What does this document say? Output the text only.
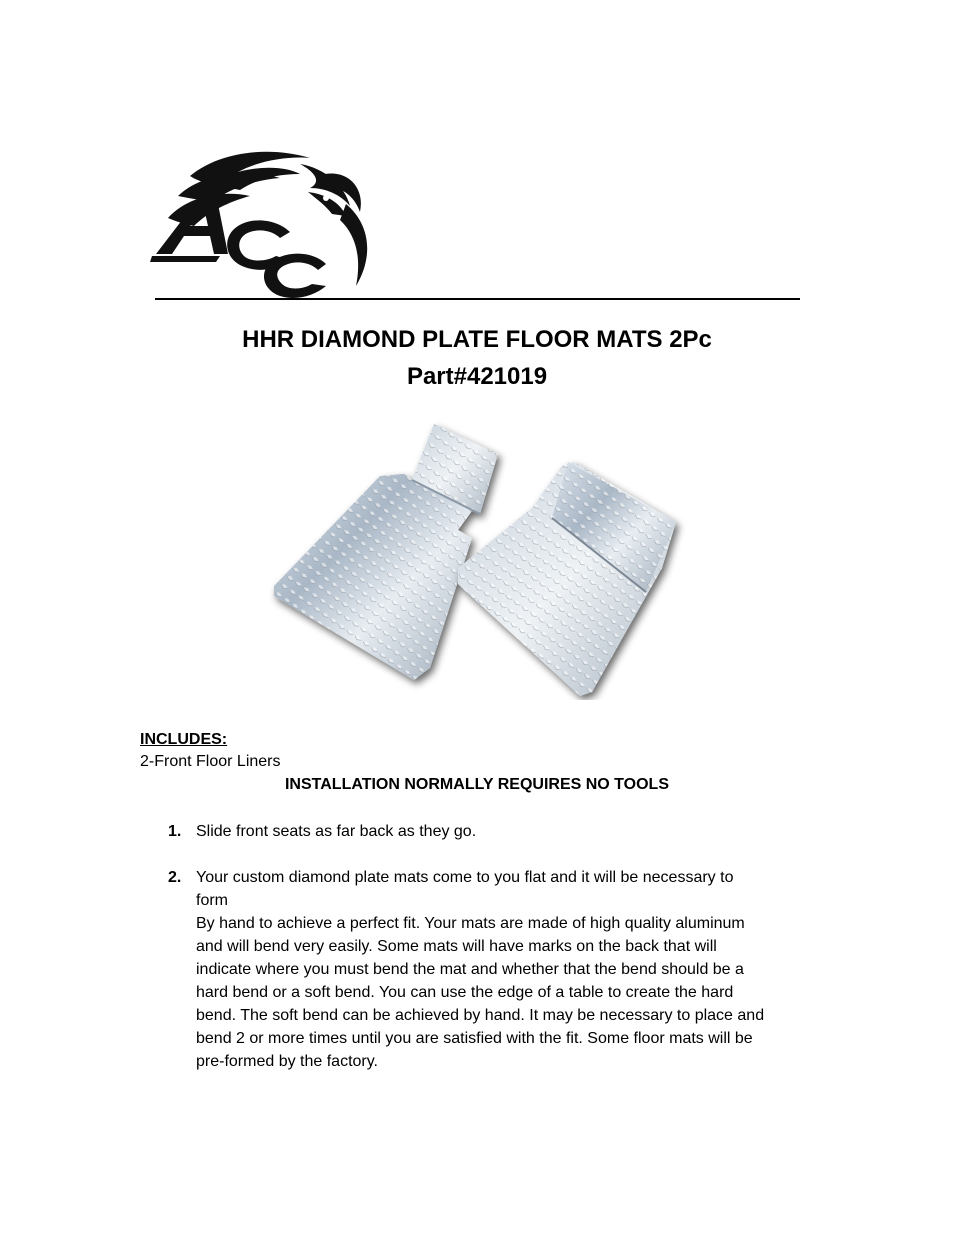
HHR DIAMOND PLATE FLOOR MATS 2Pc
Part#421019
INCLUDES:
2-Front Floor Liners
INSTALLATION NORMALLY REQUIRES NO TOOLS
1. Slide front seats as far back as they go.
2. Your custom diamond plate mats come to you flat and it will be necessary to
form
By hand to achieve a perfect fit. Your mats are made of high quality aluminum
and will bend very easily. Some mats will have marks on the back that will
indicate where you must bend the mat and whether that the bend should be a
hard bend or a soft bend. You can use the edge of a table to create the hard
bend. The soft bend can be achieved by hand. It may be necessary to place and
bend 2 or more times until you are satisfied with the fit. Some floor mats will be
pre-formed by the factory.
